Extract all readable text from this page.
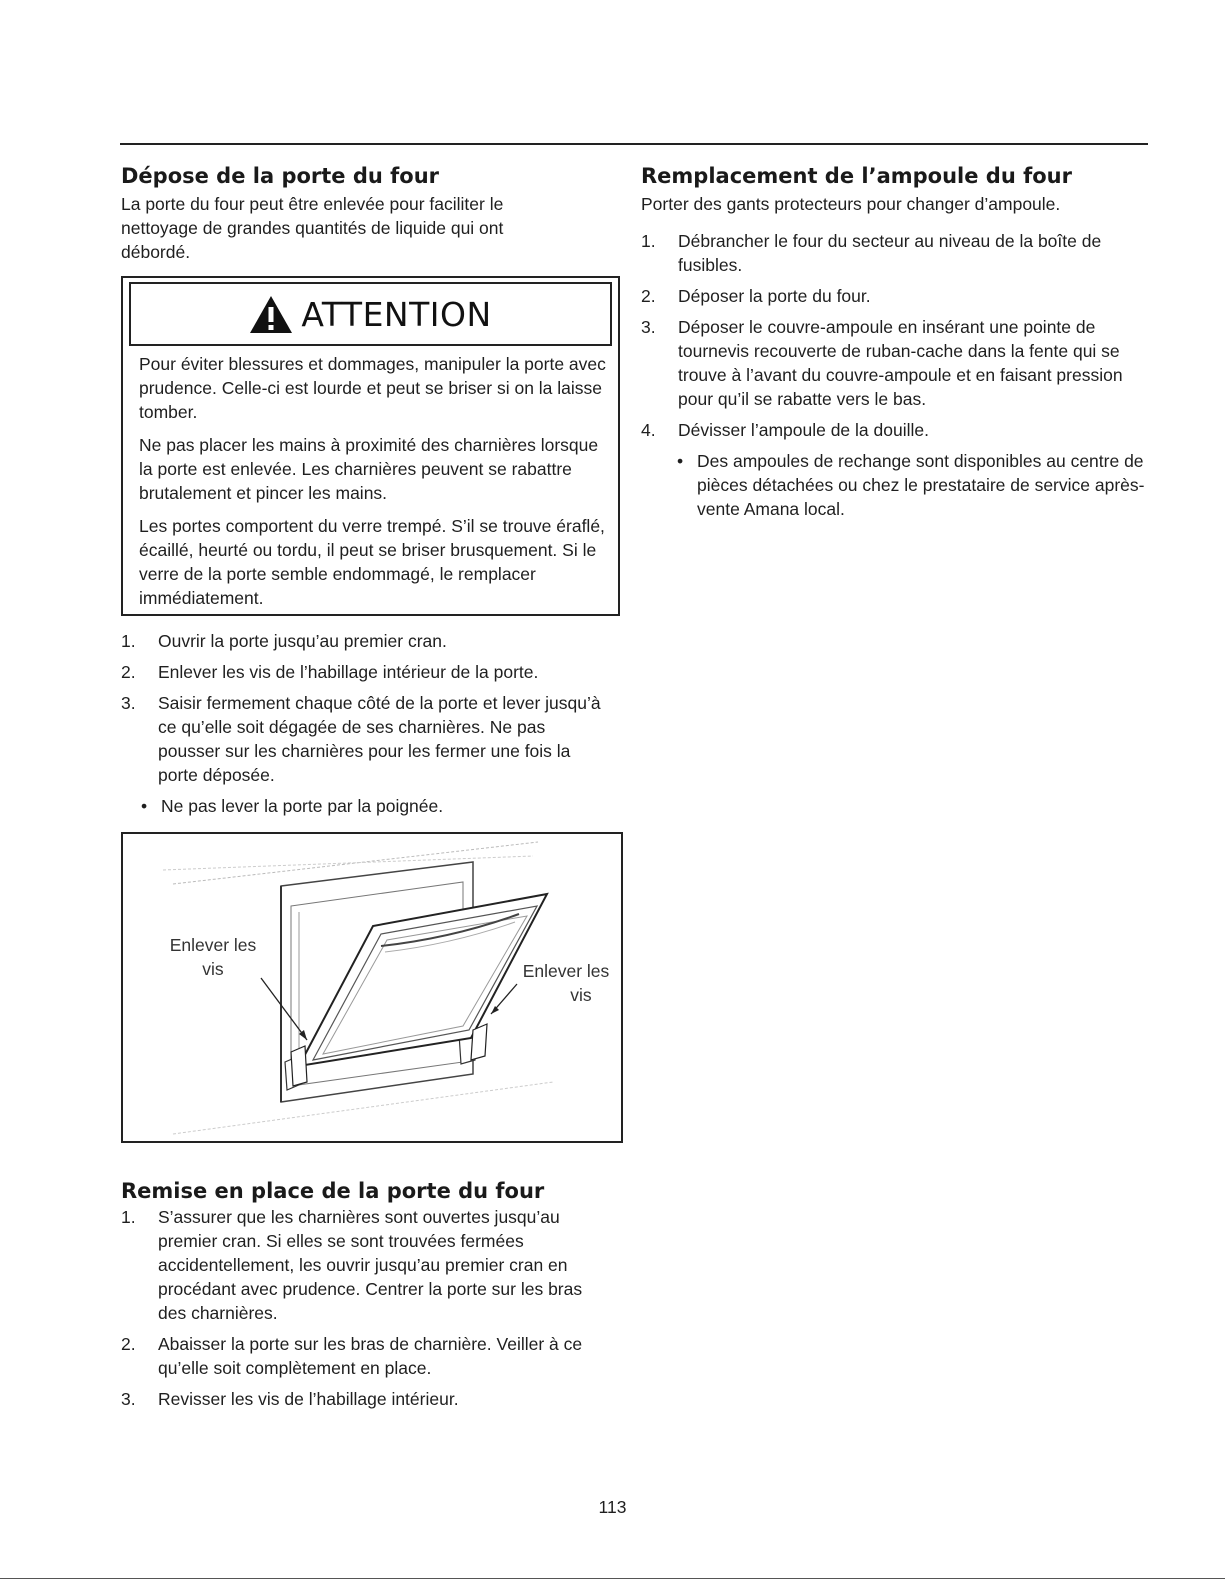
Dépose de la porte du four

La porte du four peut être enlevée pour faciliter le nettoyage de grandes quantités de liquide qui ont débordé.

ATTENTION

Pour éviter blessures et dommages, manipuler la porte avec prudence. Celle-ci est lourde et peut se briser si on la laisse tomber.

Ne pas placer les mains à proximité des charnières lorsque la porte est enlevée. Les charnières peuvent se rabattre brutalement et pincer les mains.

Les portes comportent du verre trempé. S’il se trouve éraflé, écaillé, heurté ou tordu, il peut se briser brusquement. Si le verre de la porte semble endommagé, le remplacer immédiatement.

1. Ouvrir la porte jusqu’au premier cran.
2. Enlever les vis de l’habillage intérieur de la porte.
3. Saisir fermement chaque côté de la porte et lever jusqu’à ce qu’elle soit dégagée de ses charnières. Ne pas pousser sur les charnières pour les fermer une fois la porte déposée.
• Ne pas lever la porte par la poignée.
Enlever les
vis	Enlever les
vis
Remise en place de la porte du four
1. S’assurer que les charnières sont ouvertes jusqu’au premier cran. Si elles se sont trouvées fermées accidentellement, les ouvrir jusqu’au premier cran en procédant avec prudence. Centrer la porte sur les bras des charnières.
2. Abaisser la porte sur les bras de charnière. Veiller à ce qu’elle soit complètement en place.
3. Revisser les vis de l’habillage intérieur.
Remplacement de l’ampoule du four

Porter des gants protecteurs pour changer d’ampoule.

1. Débrancher le four du secteur au niveau de la boîte de fusibles.
2. Déposer la porte du four.
3. Déposer le couvre-ampoule en insérant une pointe de tournevis recouverte de ruban-cache dans la fente qui se trouve à l’avant du couvre-ampoule et en faisant pression pour qu’il se rabatte vers le bas.
4. Dévisser l’ampoule de la douille.
• Des ampoules de rechange sont disponibles au centre de pièces détachées ou chez le prestataire de service après-vente Amana local.
113
